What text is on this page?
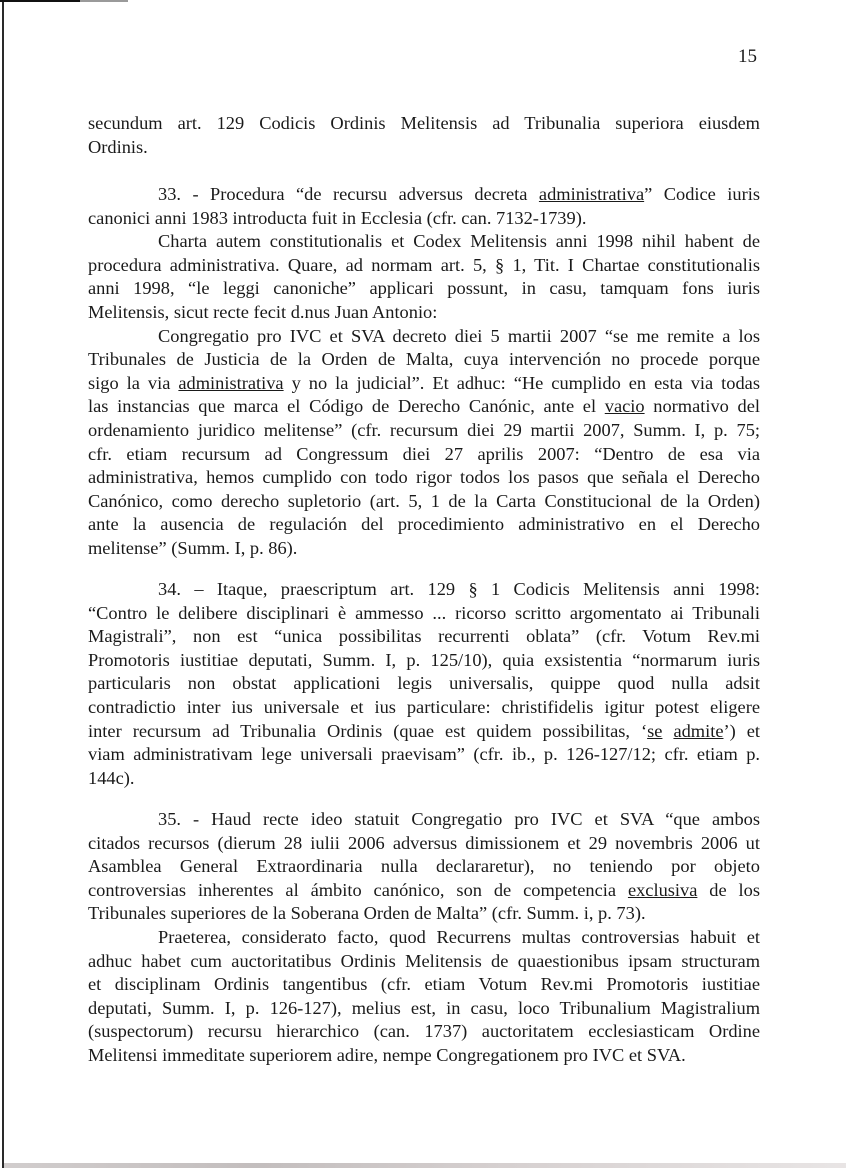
15
secundum art. 129 Codicis Ordinis Melitensis ad Tribunalia superiora eiusdem
Ordinis.
33. - Procedura “de recursu adversus decreta administrativa” Codice iuris
canonici anni 1983 introducta fuit in Ecclesia (cfr. can. 7132-1739).
Charta autem constitutionalis et Codex Melitensis anni 1998 nihil habent de
procedura administrativa. Quare, ad normam art. 5, § 1, Tit. I Chartae constitutionalis
anni 1998, “le leggi canoniche” applicari possunt, in casu, tamquam fons iuris
Melitensis, sicut recte fecit d.nus Juan Antonio:
Congregatio pro IVC et SVA decreto diei 5 martii 2007 “se me remite a los
Tribunales de Justicia de la Orden de Malta, cuya intervención no procede porque
sigo la via administrativa y no la judicial”. Et adhuc: “He cumplido en esta via todas
las instancias que marca el Código de Derecho Canónic, ante el vacio normativo del
ordenamiento juridico melitense” (cfr. recursum diei 29 martii 2007, Summ. I, p. 75;
cfr. etiam recursum ad Congressum diei 27 aprilis 2007: “Dentro de esa via
administrativa, hemos cumplido con todo rigor todos los pasos que señala el Derecho
Canónico, como derecho supletorio (art. 5, 1 de la Carta Constitucional de la Orden)
ante la ausencia de regulación del procedimiento administrativo en el Derecho
melitense” (Summ. I, p. 86).
34. – Itaque, praescriptum art. 129 § 1 Codicis Melitensis anni 1998:
“Contro le delibere disciplinari è ammesso ... ricorso scritto argomentato ai Tribunali
Magistrali”, non est “unica possibilitas recurrenti oblata” (cfr. Votum Rev.mi
Promotoris iustitiae deputati, Summ. I, p. 125/10), quia exsistentia “normarum iuris
particularis non obstat applicationi legis universalis, quippe quod nulla adsit
contradictio inter ius universale et ius particulare: christifidelis igitur potest eligere
inter recursum ad Tribunalia Ordinis (quae est quidem possibilitas, ‘se admite’) et
viam administrativam lege universali praevisam” (cfr. ib., p. 126-127/12; cfr. etiam p.
144c).
35. - Haud recte ideo statuit Congregatio pro IVC et SVA “que ambos
citados recursos (dierum 28 iulii 2006 adversus dimissionem et 29 novembris 2006 ut
Asamblea General Extraordinaria nulla declararetur), no teniendo por objeto
controversias inherentes al ámbito canónico, son de competencia exclusiva de los
Tribunales superiores de la Soberana Orden de Malta” (cfr. Summ. i, p. 73).
Praeterea, considerato facto, quod Recurrens multas controversias habuit et
adhuc habet cum auctoritatibus Ordinis Melitensis de quaestionibus ipsam structuram
et disciplinam Ordinis tangentibus (cfr. etiam Votum Rev.mi Promotoris iustitiae
deputati, Summ. I, p. 126-127), melius est, in casu, loco Tribunalium Magistralium
(suspectorum) recursu hierarchico (can. 1737) auctoritatem ecclesiasticam Ordine
Melitensi immeditate superiorem adire, nempe Congregationem pro IVC et SVA.
